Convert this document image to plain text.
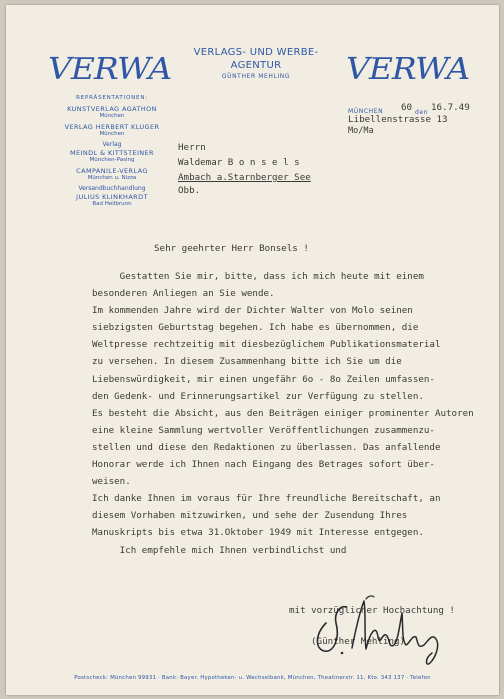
VERWA	VERWA
VERLAGS- UND WERBE-
AGENTUR
GÜNTHER MEHLING
REPRÄSENTATIONEN:
KUNSTVERLAG AGATHON
München
VERLAG HERBERT KLUGER
München
Verlag
MEINDL & KITTSTEINER
München-Pasing
CAMPANILE-VERLAG
München u. Nizza
Versandbuchhandlung
JULIUS KLINKHARDT
Bad Heilbrunn
MÜNCHEN 60 den 16.7.49
Libellenstrasse 13
Mo/Ma
Herrn
Waldemar B o n s e l s
Ambach a.Starnberger See
Obb.
Sehr geehrter Herr Bonsels !
Gestatten Sie mir, bitte, dass ich mich heute mit einem
besonderen Anliegen an Sie wende.
Im kommenden Jahre wird der Dichter Walter von Molo seinen
siebzigsten Geburtstag begehen. Ich habe es übernommen, die
Weltpresse rechtzeitig mit diesbezüglichem Publikationsmaterial
zu versehen. In diesem Zusammenhang bitte ich Sie um die
Liebenswürdigkeit, mir einen ungefähr 6o - 8o Zeilen umfassen-
den Gedenk- und Erinnerungsartikel zur Verfügung zu stellen.
Es besteht die Absicht, aus den Beiträgen einiger prominenter Autoren
eine kleine Sammlung wertvoller Veröffentlichungen zusammenzu-
stellen und diese den Redaktionen zu überlassen. Das anfallende
Honorar werde ich Ihnen nach Eingang des Betrages sofort über-
weisen.
Ich danke Ihnen im voraus für Ihre freundliche Bereitschaft, an
diesem Vorhaben mitzuwirken, und sehe der Zusendung Ihres
Manuskripts bis etwa 31.Oktober 1949 mit Interesse entgegen.
Ich empfehle mich Ihnen verbindlichst und
mit vorzüglicher Hochachtung !
(Günther Mehling)
Postscheck: München 99931 · Bank: Bayer. Hypotheken- u. Wechselbank, München, Theatinerstr. 11, Kto. 343 137 · Telefon
